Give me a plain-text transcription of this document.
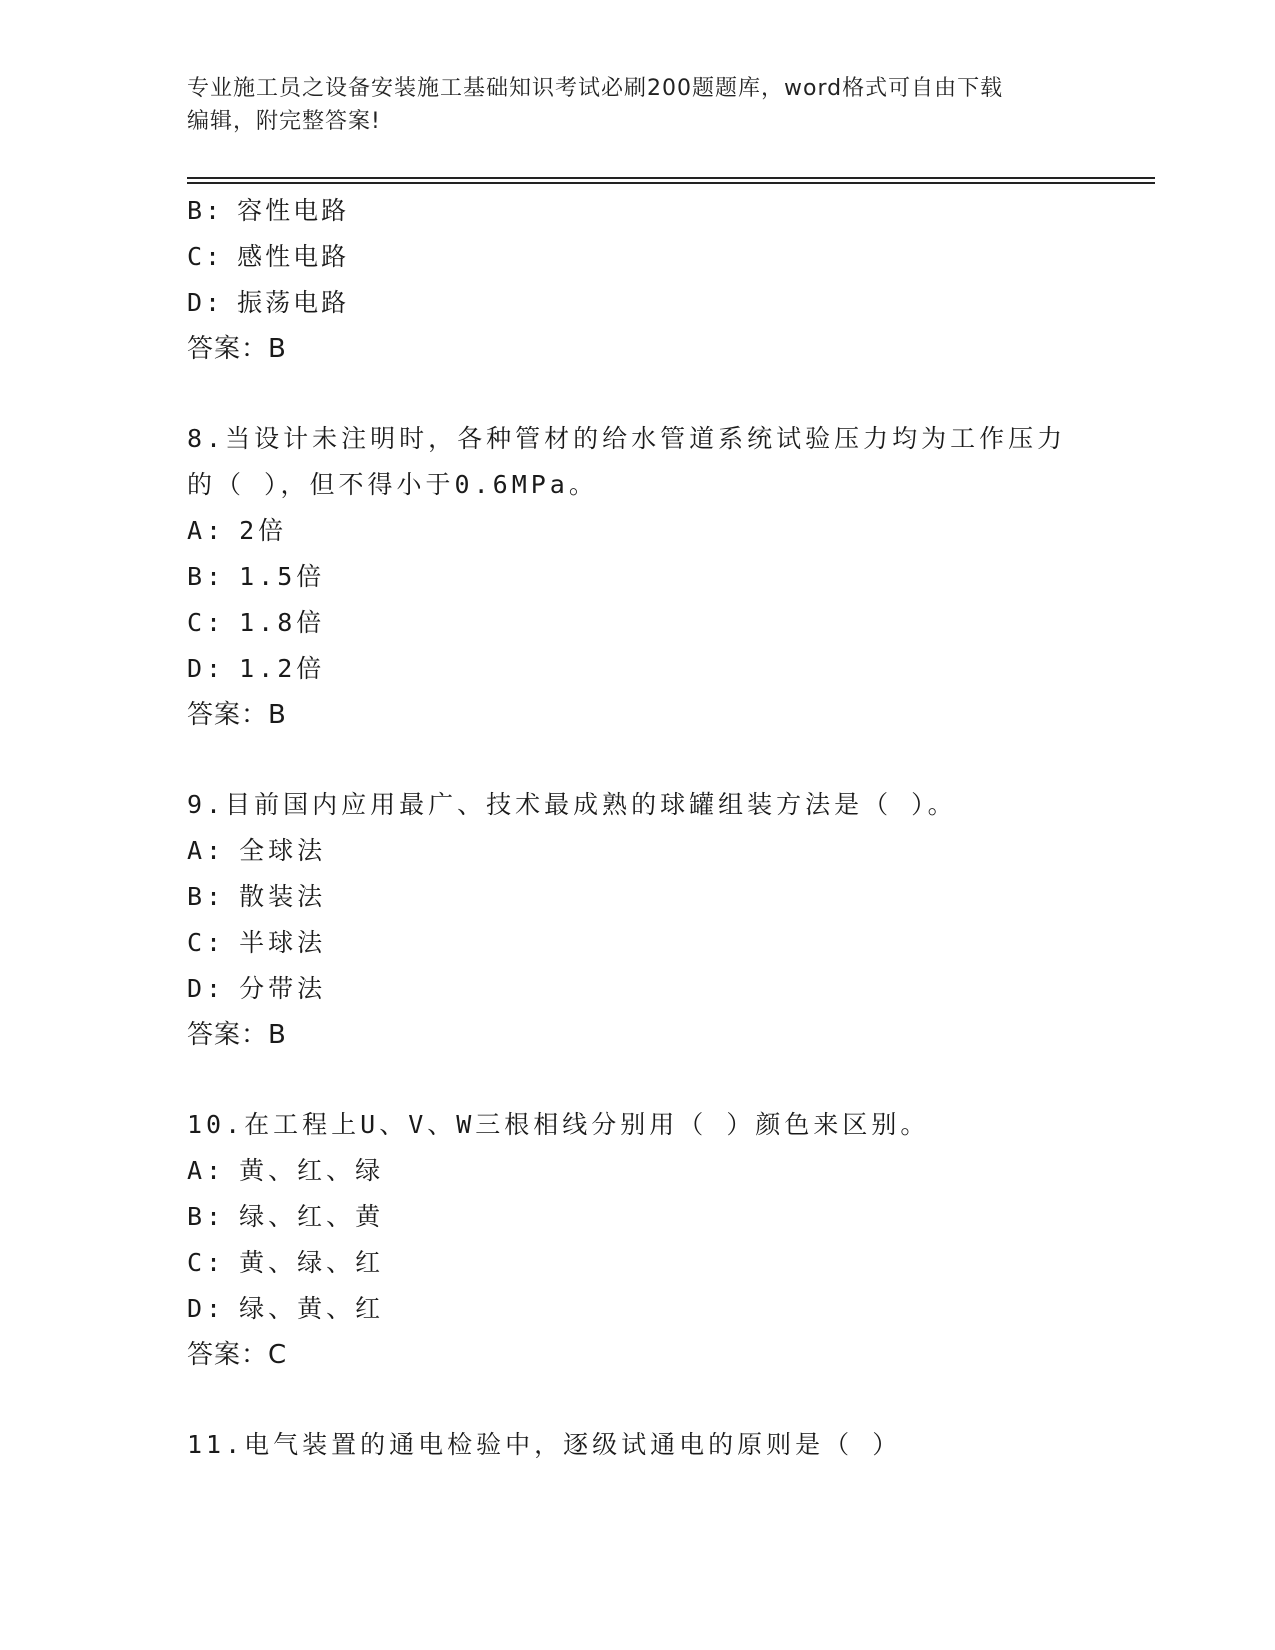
专业施工员之设备安装施工基础知识考试必刷200题题库，word格式可自由下载
编辑，附完整答案!
B: 容性电路
C: 感性电路
D: 振荡电路
答案：B
8.当设计未注明时，各种管材的给水管道系统试验压力均为工作压力
的（ ），但不得小于0.6MPa。
A: 2倍
B: 1.5倍
C: 1.8倍
D: 1.2倍
答案：B
9.目前国内应用最广、技术最成熟的球罐组装方法是（ ）。
A: 全球法
B: 散装法
C: 半球法
D: 分带法
答案：B
10.在工程上U、V、W三根相线分别用（ ）颜色来区别。
A: 黄、红、绿
B: 绿、红、黄
C: 黄、绿、红
D: 绿、黄、红
答案：C
11.电气装置的通电检验中，逐级试通电的原则是（ ）
